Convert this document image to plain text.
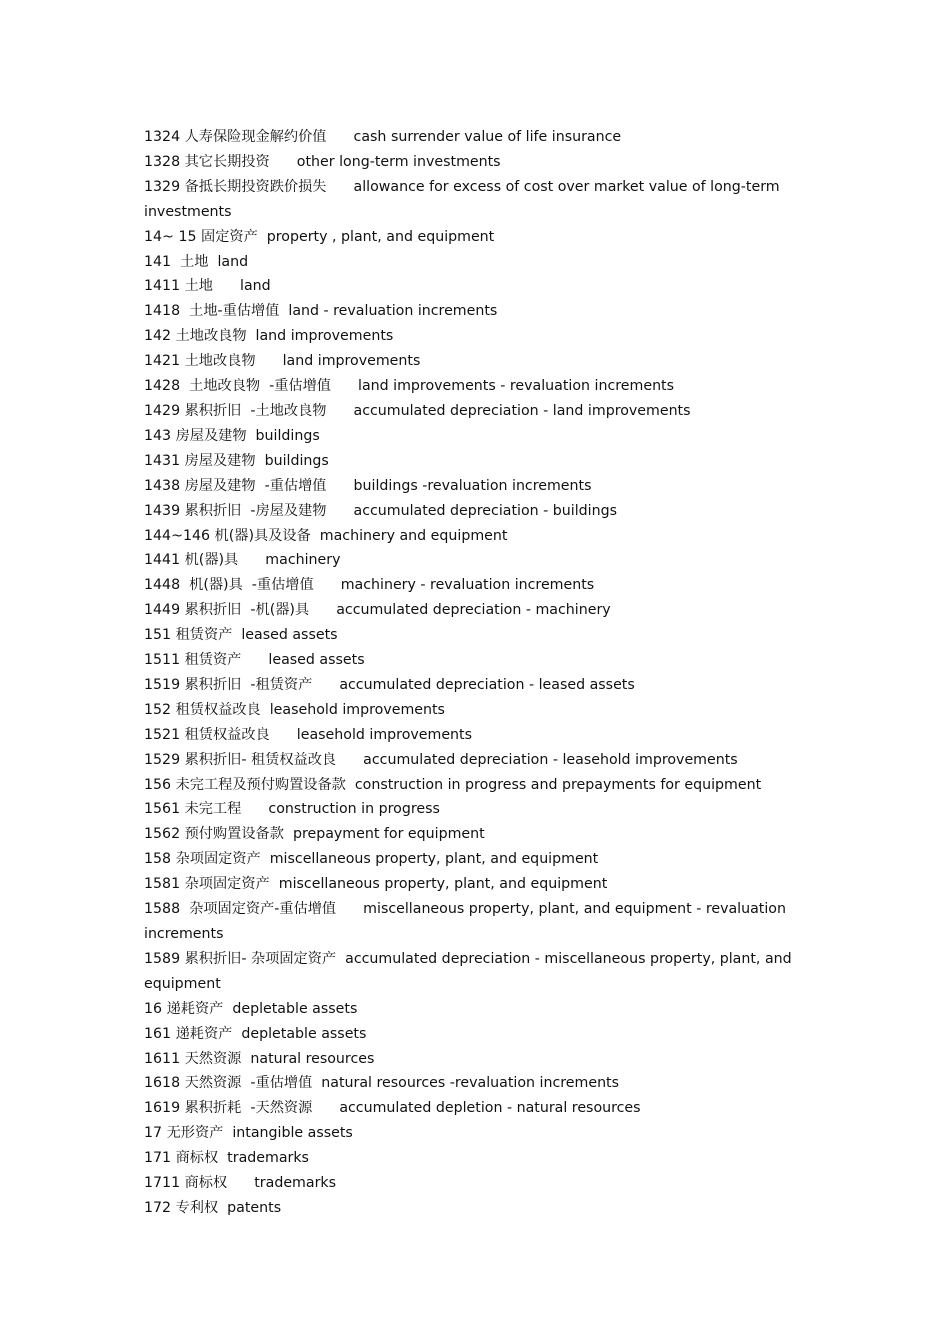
1324 人寿保险现金解约价值      cash surrender value of life insurance
1328 其它长期投资      other long-term investments
1329 备抵长期投资跌价损失      allowance for excess of cost over market value of long-term investments
14~ 15 固定资产  property , plant, and equipment
141  土地  land
1411 土地      land
1418  土地-重估增值  land - revaluation increments
142 土地改良物  land improvements
1421 土地改良物      land improvements
1428  土地改良物  -重估增值      land improvements - revaluation increments
1429 累积折旧  -土地改良物      accumulated depreciation - land improvements
143 房屋及建物  buildings
1431 房屋及建物  buildings
1438 房屋及建物  -重估增值      buildings -revaluation increments
1439 累积折旧  -房屋及建物      accumulated depreciation - buildings
144~146 机(器)具及设备  machinery and equipment
1441 机(器)具      machinery
1448  机(器)具  -重估增值      machinery - revaluation increments
1449 累积折旧  -机(器)具      accumulated depreciation - machinery
151 租赁资产  leased assets
1511 租赁资产      leased assets
1519 累积折旧  -租赁资产      accumulated depreciation - leased assets
152 租赁权益改良  leasehold improvements
1521 租赁权益改良      leasehold improvements
1529 累积折旧- 租赁权益改良      accumulated depreciation - leasehold improvements
156 未完工程及预付购置设备款  construction in progress and prepayments for equipment
1561 未完工程      construction in progress
1562 预付购置设备款  prepayment for equipment
158 杂项固定资产  miscellaneous property, plant, and equipment
1581 杂项固定资产  miscellaneous property, plant, and equipment
1588  杂项固定资产-重估增值      miscellaneous property, plant, and equipment - revaluation increments
1589 累积折旧- 杂项固定资产  accumulated depreciation - miscellaneous property, plant, and equipment
16 递耗资产  depletable assets
161 递耗资产  depletable assets
1611 天然资源  natural resources
1618 天然资源  -重估增值  natural resources -revaluation increments
1619 累积折耗  -天然资源      accumulated depletion - natural resources
17 无形资产  intangible assets
171 商标权  trademarks
1711 商标权      trademarks
172 专利权  patents
